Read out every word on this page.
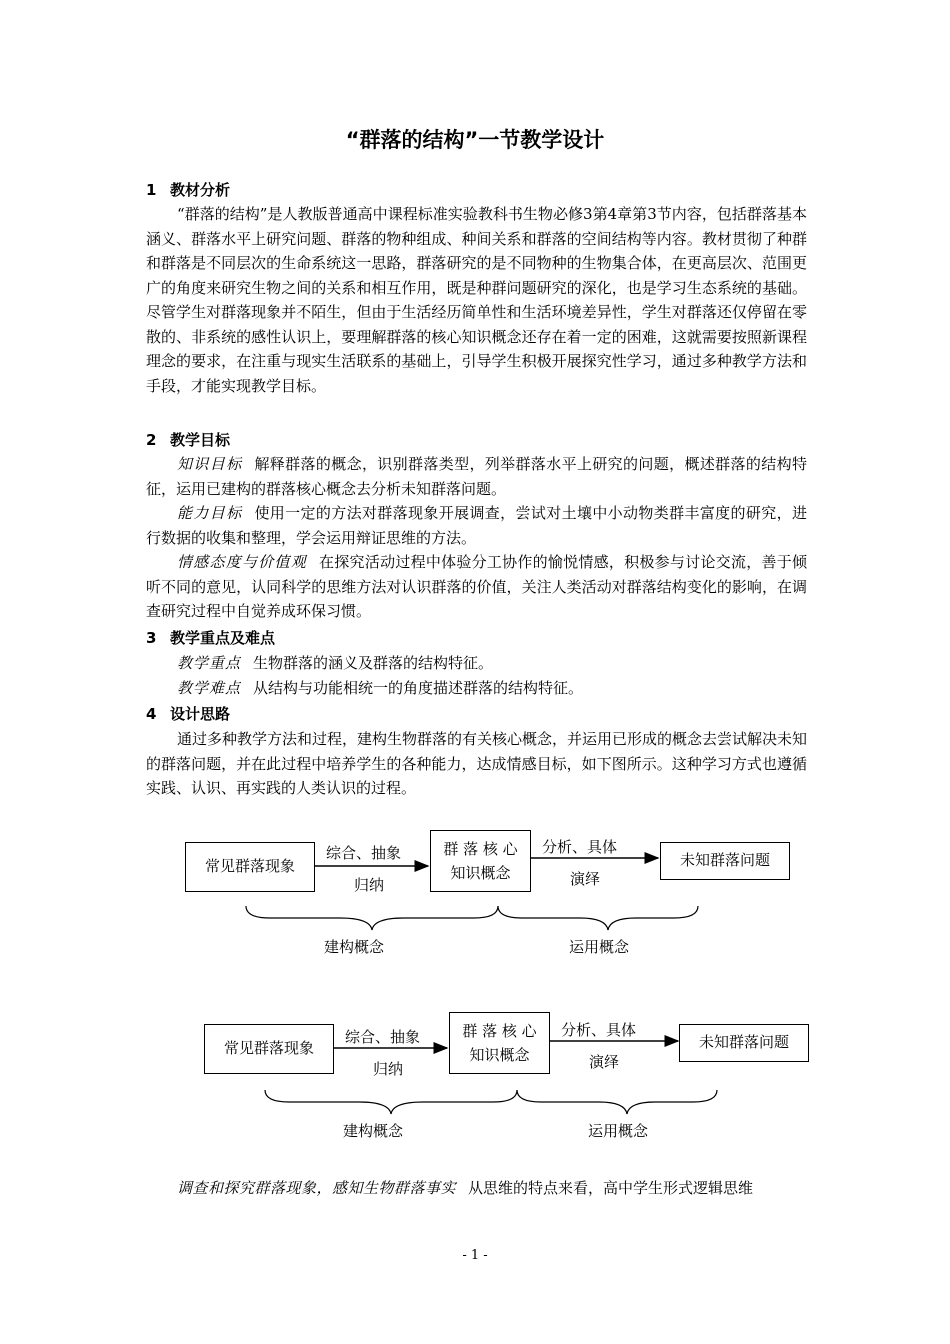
“群落的结构”一节教学设计
1 教材分析

“群落的结构”是人教版普通高中课程标准实验教科书生物必修3第4章第3节内容，包括群落基本涵义、群落水平上研究问题、群落的物种组成、种间关系和群落的空间结构等内容。教材贯彻了种群和群落是不同层次的生命系统这一思路，群落研究的是不同物种的生物集合体，在更高层次、范围更广的角度来研究生物之间的关系和相互作用，既是种群问题研究的深化，也是学习生态系统的基础。尽管学生对群落现象并不陌生，但由于生活经历简单性和生活环境差异性，学生对群落还仅停留在零散的、非系统的感性认识上，要理解群落的核心知识概念还存在着一定的困难，这就需要按照新课程理念的要求，在注重与现实生活联系的基础上，引导学生积极开展探究性学习，通过多种教学方法和手段，才能实现教学目标。

2 教学目标

知识目标 解释群落的概念，识别群落类型，列举群落水平上研究的问题，概述群落的结构特征，运用已建构的群落核心概念去分析未知群落问题。

能力目标 使用一定的方法对群落现象开展调查，尝试对土壤中小动物类群丰富度的研究，进行数据的收集和整理，学会运用辩证思维的方法。

情感态度与价值观 在探究活动过程中体验分工协作的愉悦情感，积极参与讨论交流，善于倾听不同的意见，认同科学的思维方法对认识群落的价值，关注人类活动对群落结构变化的影响，在调查研究过程中自觉养成环保习惯。

3 教学重点及难点
教学重点 生物群落的涵义及群落的结构特征。
教学难点 从结构与功能相统一的角度描述群落的结构特征。
4 设计思路

通过多种教学方法和过程，建构生物群落的有关核心概念，并运用已形成的概念去尝试解决未知的群落问题，并在此过程中培养学生的各种能力，达成情感目标，如下图所示。这种学习方式也遵循实践、认识、再实践的人类认识的过程。

常见群落现象
群 落 核 心
知识概念
未知群落问题
综合、抽象
归纳
分析、具体
演绎
建构概念	运用概念
常见群落现象
群 落 核 心
知识概念
未知群落问题
综合、抽象
归纳
分析、具体
演绎
建构概念	运用概念
调查和探究群落现象，感知生物群落事实 从思维的特点来看，高中学生形式逻辑思维
- 1 -
